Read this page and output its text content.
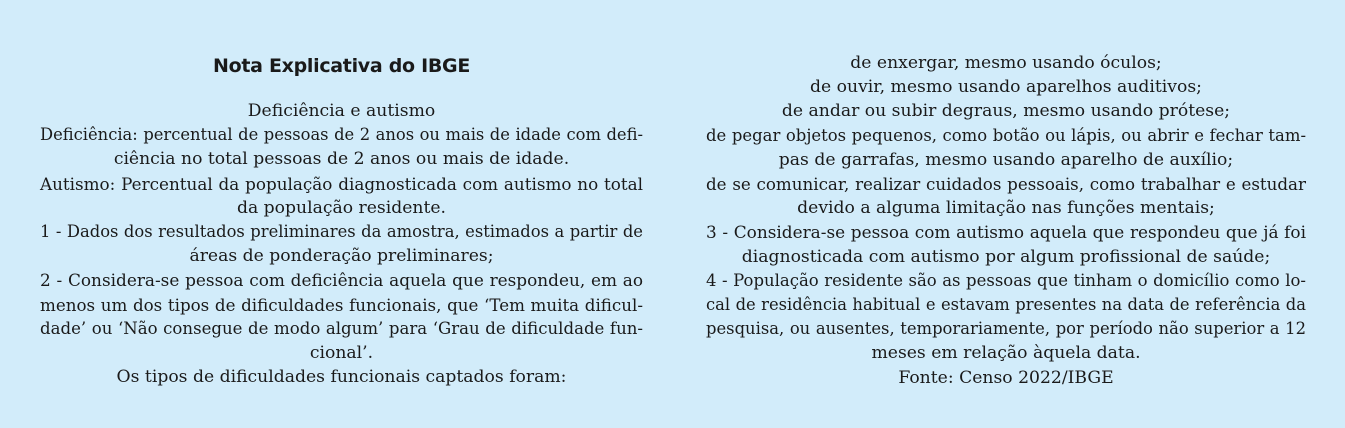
Nota Explicativa do IBGE
Deficiência e autismo
Deficiência: percentual de pessoas de 2 anos ou mais de idade com defi-
ciência no total pessoas de 2 anos ou mais de idade.
Autismo: Percentual da população diagnosticada com autismo no total
da população residente.
1 - Dados dos resultados preliminares da amostra, estimados a partir de
áreas de ponderação preliminares;
2 - Considera-se pessoa com deficiência aquela que respondeu, em ao
menos um dos tipos de dificuldades funcionais, que ‘Tem muita dificul-
dade’ ou ‘Não consegue de modo algum’ para ‘Grau de dificuldade fun-
cional’.
Os tipos de dificuldades funcionais captados foram:
de enxergar, mesmo usando óculos;
de ouvir, mesmo usando aparelhos auditivos;
de andar ou subir degraus, mesmo usando prótese;
de pegar objetos pequenos, como botão ou lápis, ou abrir e fechar tam-
pas de garrafas, mesmo usando aparelho de auxílio;
de se comunicar, realizar cuidados pessoais, como trabalhar e estudar
devido a alguma limitação nas funções mentais;
3 - Considera-se pessoa com autismo aquela que respondeu que já foi
diagnosticada com autismo por algum profissional de saúde;
4 - População residente são as pessoas que tinham o domicílio como lo-
cal de residência habitual e estavam presentes na data de referência da
pesquisa, ou ausentes, temporariamente, por período não superior a 12
meses em relação àquela data.
Fonte: Censo 2022/IBGE
